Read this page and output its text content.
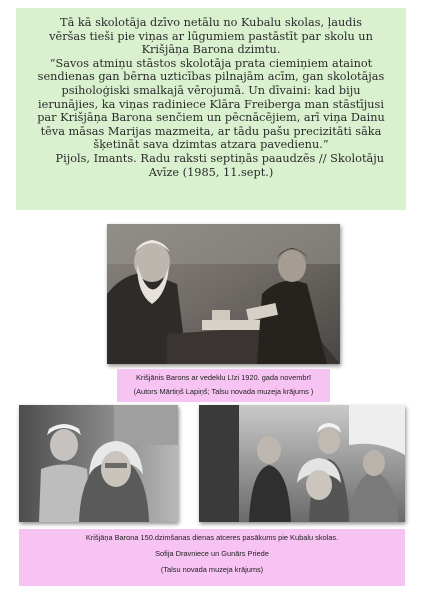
Tā kā skolotāja dzīvo netālu no Kubalu skolas, ļaudis

vēršas tieši pie viņas ar lūgumiem pastāstīt par skolu un

Krišjāņa Barona dzimtu.

“Savos atmiņu stāstos skolotāja prata ciemiņiem atainot

sendienas gan bērna uzticības pilnajām acīm, gan skolotājas

psiholoģiski smalkajā vērojumā. Un dīvaini: kad biju

ierunājies, ka viņas radiniece Klāra Freiberga man stāstījusi

par Krišjāņa Barona senčiem un pēcnācējiem, arī viņa Dainu

tēva māsas Marijas mazmeita, ar tādu pašu precizitāti sāka

šķetināt sava dzimtas atzara pavedienu.”

Pijols, Imants. Radu raksti septiņās paaudzēs // Skolotāju

Avīze (1985, 11.sept.)

Krišjānis Barons ar vedeklu Līzi 1920. gada novembrī
(Autors Mārtiņš Lapiņš; Talsu novada muzeja krājums )
Krišjāņa Barona 150.dzimšanas dienas atceres pasākums pie Kubalu skolas.
Sofija Dravniece un Gunārs Priede
(Talsu novada muzeja krājums)
